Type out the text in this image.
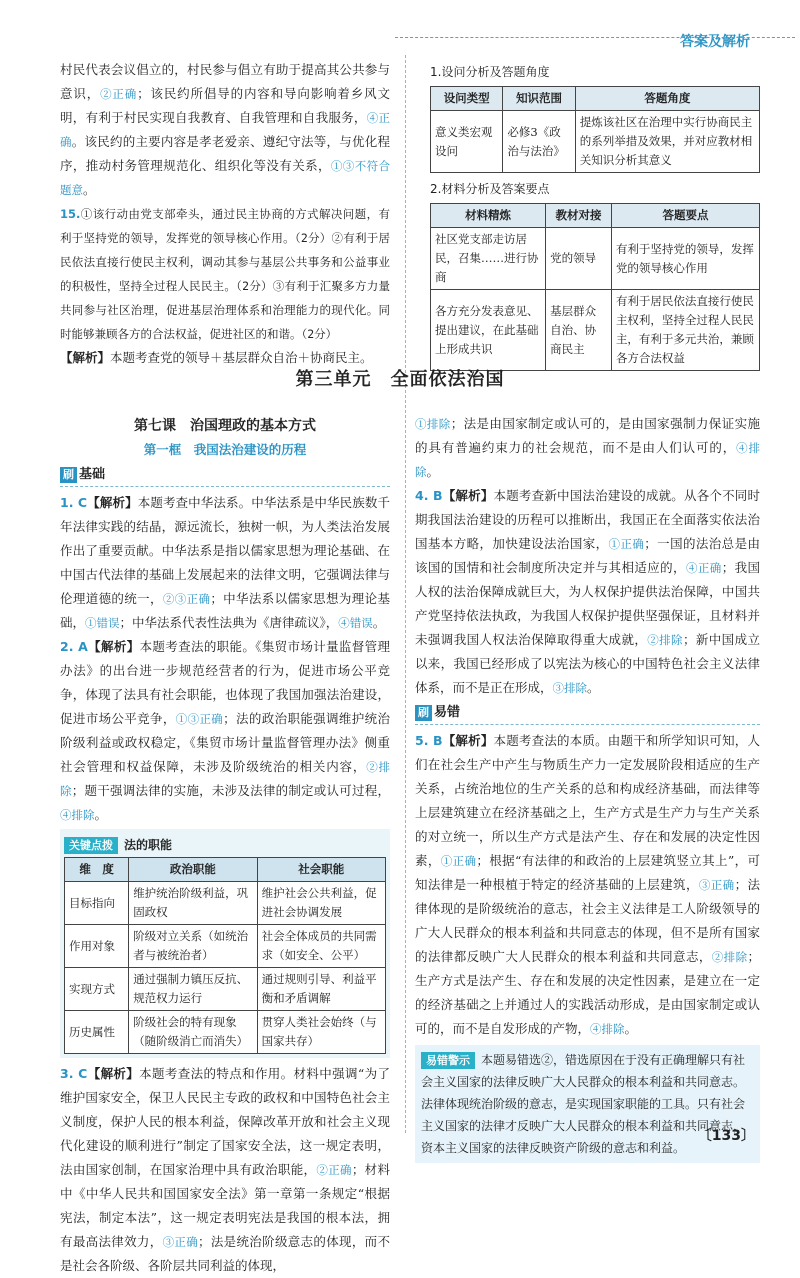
答案及解析

村民代表会议倡立的，村民参与倡立有助于提高其公共参与意识，②正确；该民约所倡导的内容和导向影响着乡风文明，有利于村民实现自我教育、自我管理和自我服务，④正确。该民约的主要内容是孝老爱亲、遵纪守法等，与优化程序，推动村务管理规范化、组织化等没有关系，①③不符合题意。

15.①该行动由党支部牵头，通过民主协商的方式解决问题，有利于坚持党的领导，发挥党的领导核心作用。（2分）②有利于居民依法直接行使民主权利，调动其参与基层公共事务和公益事业的积极性，坚持全过程人民民主。（2分）③有利于汇聚多方力量共同参与社区治理，促进基层治理体系和治理能力的现代化。同时能够兼顾各方的合法权益，促进社区的和谐。（2分）

【解析】本题考查党的领导＋基层群众自治＋协商民主。

1.设问分析及答题角度
设问类型	知识范围	答题角度
意义类宏观设问	必修3《政治与法治》	提炼该社区在治理中实行协商民主的系列举措及效果，并对应教材相关知识分析其意义
2.材料分析及答案要点
材料精炼	教材对接	答题要点
社区党支部走访居民，召集……进行协商	党的领导	有利于坚持党的领导，发挥党的领导核心作用
各方充分发表意见、提出建议，在此基础上形成共识	基层群众自治、协商民主	有利于居民依法直接行使民主权利，坚持全过程人民民主，有利于多元共治，兼顾各方合法权益
第三单元　全面依法治国
第七课　治国理政的基本方式
第一框　我国法治建设的历程
刷 基础

1. C【解析】本题考查中华法系。中华法系是中华民族数千年法律实践的结晶，源远流长，独树一帜，为人类法治发展作出了重要贡献。中华法系是指以儒家思想为理论基础、在中国古代法律的基础上发展起来的法律文明，它强调法律与伦理道德的统一，②③正确；中华法系以儒家思想为理论基础，①错误；中华法系代表性法典为《唐律疏议》，④错误。

2. A【解析】本题考查法的职能。《集贸市场计量监督管理办法》的出台进一步规范经营者的行为，促进市场公平竞争，体现了法具有社会职能，也体现了我国加强法治建设，促进市场公平竞争，①③正确；法的政治职能强调维护统治阶级利益或政权稳定，《集贸市场计量监督管理办法》侧重社会管理和权益保障，未涉及阶级统治的相关内容，②排除；题干强调法律的实施，未涉及法律的制定或认可过程，④排除。

关键点拨 法的职能
维　度	政治职能	社会职能
目标指向	维护统治阶级利益，巩固政权	维护社会公共利益，促进社会协调发展
作用对象	阶级对立关系（如统治者与被统治者）	社会全体成员的共同需求（如安全、公平）
实现方式	通过强制力镇压反抗、规范权力运行	通过规则引导、利益平衡和矛盾调解
历史属性	阶级社会的特有现象（随阶级消亡而消失）	贯穿人类社会始终（与国家共存）

3. C【解析】本题考查法的特点和作用。材料中强调“为了维护国家安全，保卫人民民主专政的政权和中国特色社会主义制度，保护人民的根本利益，保障改革开放和社会主义现代化建设的顺利进行”制定了国家安全法，这一规定表明，法由国家创制，在国家治理中具有政治职能，②正确；材料中《中华人民共和国国家安全法》第一章第一条规定“根据宪法，制定本法”，这一规定表明宪法是我国的根本法，拥有最高法律效力，③正确；法是统治阶级意志的体现，而不是社会各阶级、各阶层共同利益的体现，

①排除；法是由国家制定或认可的，是由国家强制力保证实施的具有普遍约束力的社会规范，而不是由人们认可的，④排除。

4. B【解析】本题考查新中国法治建设的成就。从各个不同时期我国法治建设的历程可以推断出，我国正在全面落实依法治国基本方略，加快建设法治国家，①正确；一国的法治总是由该国的国情和社会制度所决定并与其相适应的，④正确；我国人权的法治保障成就巨大，为人权保护提供法治保障，中国共产党坚持依法执政，为我国人权保护提供坚强保证，且材料并未强调我国人权法治保障取得重大成就，②排除；新中国成立以来，我国已经形成了以宪法为核心的中国特色社会主义法律体系，而不是正在形成，③排除。

刷 易错

5. B【解析】本题考查法的本质。由题干和所学知识可知，人们在社会生产中产生与物质生产力一定发展阶段相适应的生产关系，占统治地位的生产关系的总和构成经济基础，而法律等上层建筑建立在经济基础之上，生产方式是生产力与生产关系的对立统一，所以生产方式是法产生、存在和发展的决定性因素，①正确；根据“有法律的和政治的上层建筑竖立其上”，可知法律是一种根植于特定的经济基础的上层建筑，③正确；法律体现的是阶级统治的意志，社会主义法律是工人阶级领导的广大人民群众的根本利益和共同意志的体现，但不是所有国家的法律都反映广大人民群众的根本利益和共同意志，②排除；生产方式是法产生、存在和发展的决定性因素，是建立在一定的经济基础之上并通过人的实践活动形成，是由国家制定或认可的，而不是自发形成的产物，④排除。

易错警示 本题易错选②，错选原因在于没有正确理解只有社会主义国家的法律反映广大人民群众的根本利益和共同意志。法律体现统治阶级的意志，是实现国家职能的工具。只有社会主义国家的法律才反映广大人民群众的根本利益和共同意志，资本主义国家的法律反映资产阶级的意志和利益。
〔133〕
